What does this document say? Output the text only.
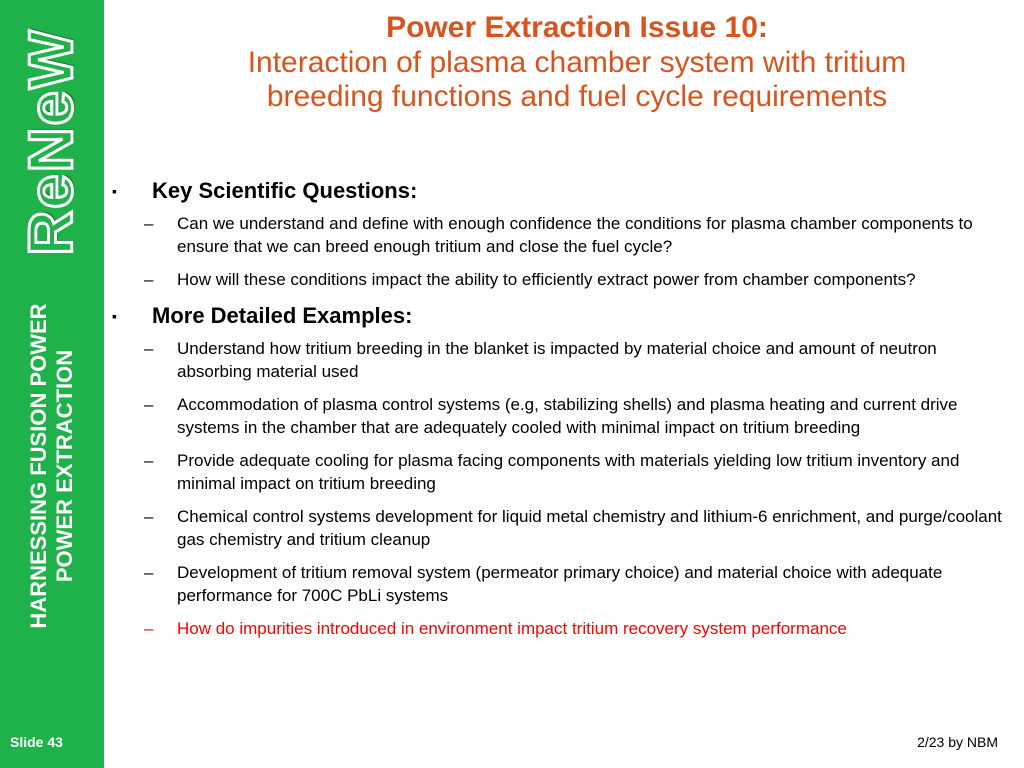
ReNeW
HARNESSING FUSION POWER POWER EXTRACTION
Slide 43
Power Extraction Issue 10:
Interaction of plasma chamber system with tritium
breeding functions and fuel cycle requirements
▪ Key Scientific Questions:
– Can we understand and define with enough confidence the conditions for plasma chamber components to ensure that we can breed enough tritium and close the fuel cycle?
– How will these conditions impact the ability to efficiently extract power from chamber components?
▪ More Detailed Examples:
– Understand how tritium breeding in the blanket is impacted by material choice and amount of neutron absorbing material used
– Accommodation of plasma control systems (e.g, stabilizing shells) and plasma heating and current drive systems in the chamber that are adequately cooled with minimal impact on tritium breeding
– Provide adequate cooling for plasma facing components with materials yielding low tritium inventory and minimal impact on tritium breeding
– Chemical control systems development for liquid metal chemistry and lithium-6 enrichment, and purge/coolant gas chemistry and tritium cleanup
– Development of tritium removal system (permeator primary choice) and material choice with adequate performance for 700C PbLi systems
– How do impurities introduced in environment impact tritium recovery system performance
2/23 by NBM
